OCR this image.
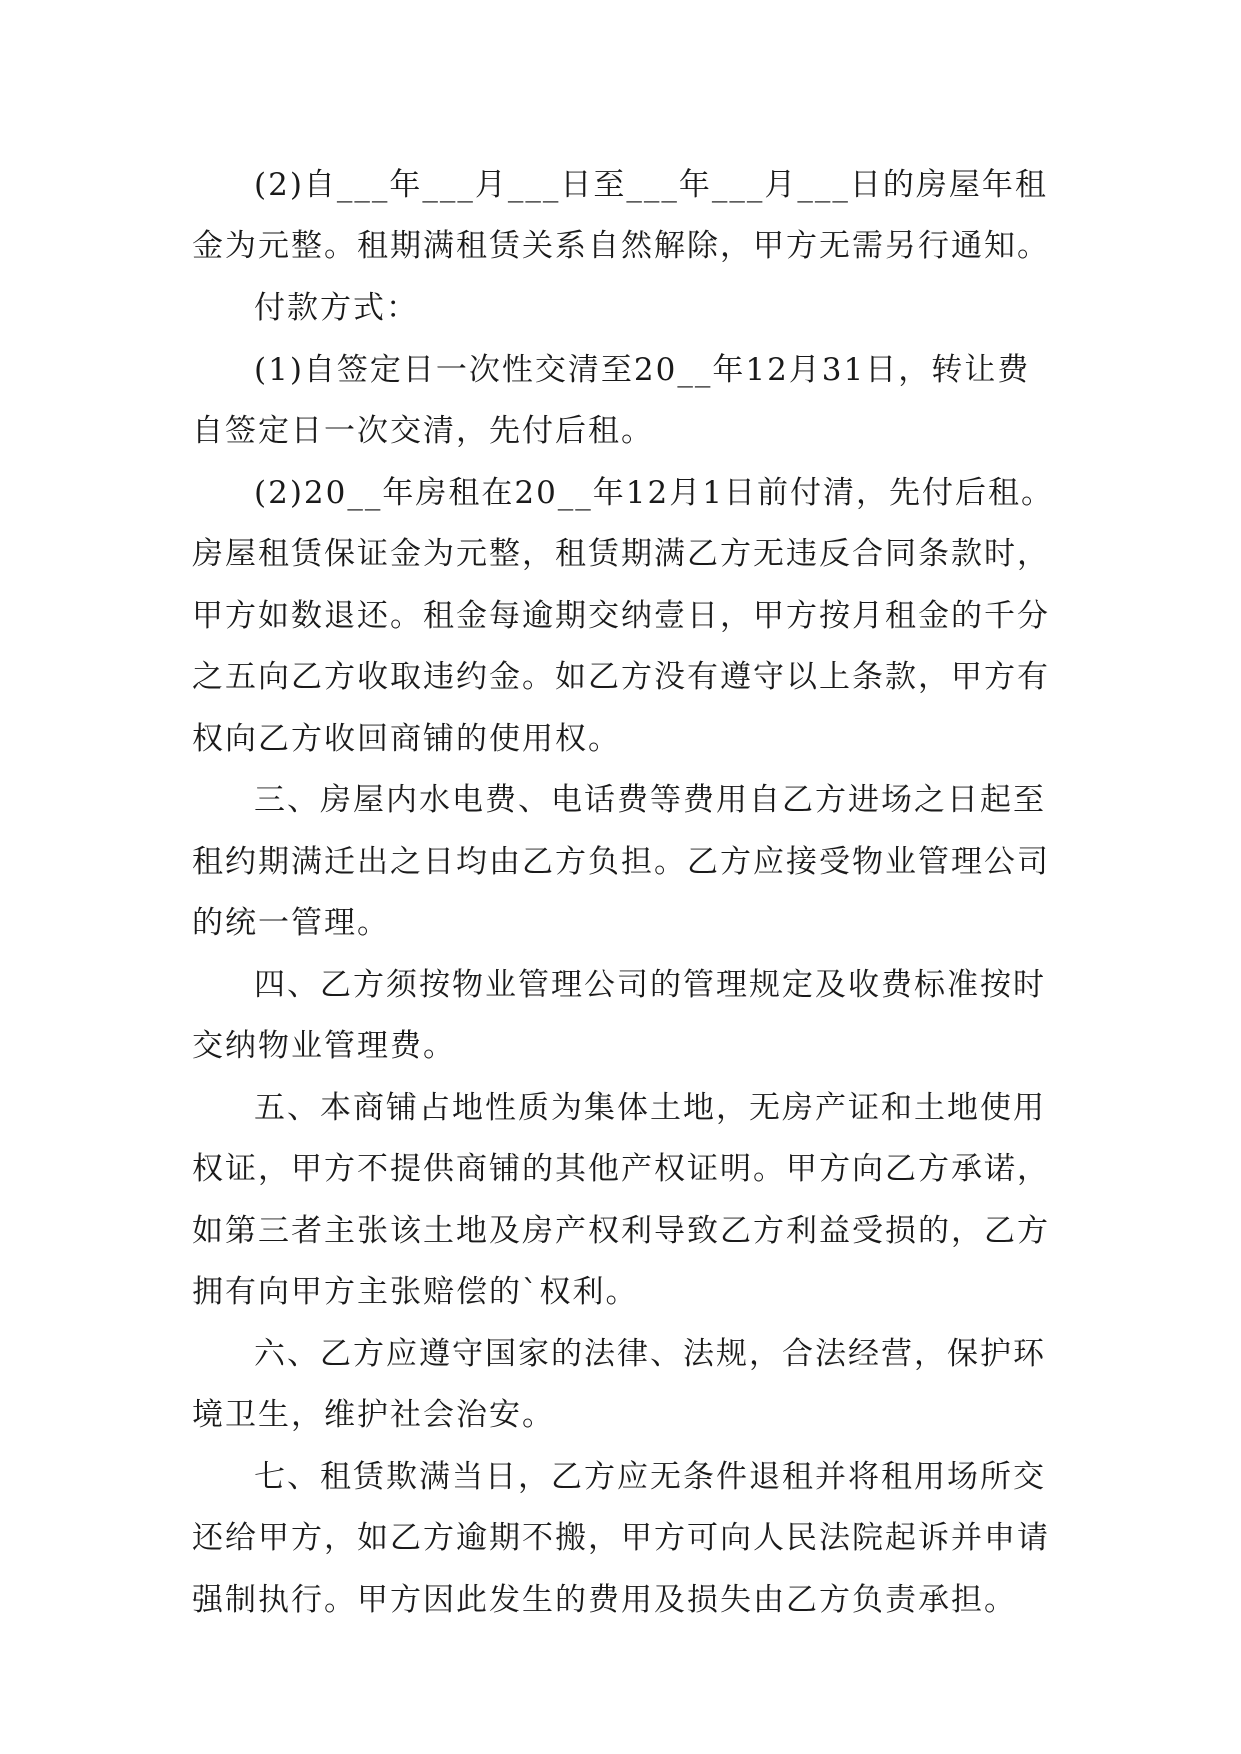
(2)自___年___月___日至___年___月___日的房屋年租
金为元整。租期满租赁关系自然解除，甲方无需另行通知。
付款方式：
(1)自签定日一次性交清至20__年12月31日，转让费
自签定日一次交清，先付后租。
(2)20__年房租在20__年12月1日前付清，先付后租。
房屋租赁保证金为元整，租赁期满乙方无违反合同条款时，
甲方如数退还。租金每逾期交纳壹日，甲方按月租金的千分
之五向乙方收取违约金。如乙方没有遵守以上条款，甲方有
权向乙方收回商铺的使用权。
三、房屋内水电费、电话费等费用自乙方进场之日起至
租约期满迁出之日均由乙方负担。乙方应接受物业管理公司
的统一管理。
四、乙方须按物业管理公司的管理规定及收费标准按时
交纳物业管理费。
五、本商铺占地性质为集体土地，无房产证和土地使用
权证，甲方不提供商铺的其他产权证明。甲方向乙方承诺，
如第三者主张该土地及房产权利导致乙方利益受损的，乙方
拥有向甲方主张赔偿的`权利。
六、乙方应遵守国家的法律、法规，合法经营，保护环
境卫生，维护社会治安。
七、租赁欺满当日，乙方应无条件退租并将租用场所交
还给甲方，如乙方逾期不搬，甲方可向人民法院起诉并申请
强制执行。甲方因此发生的费用及损失由乙方负责承担。
